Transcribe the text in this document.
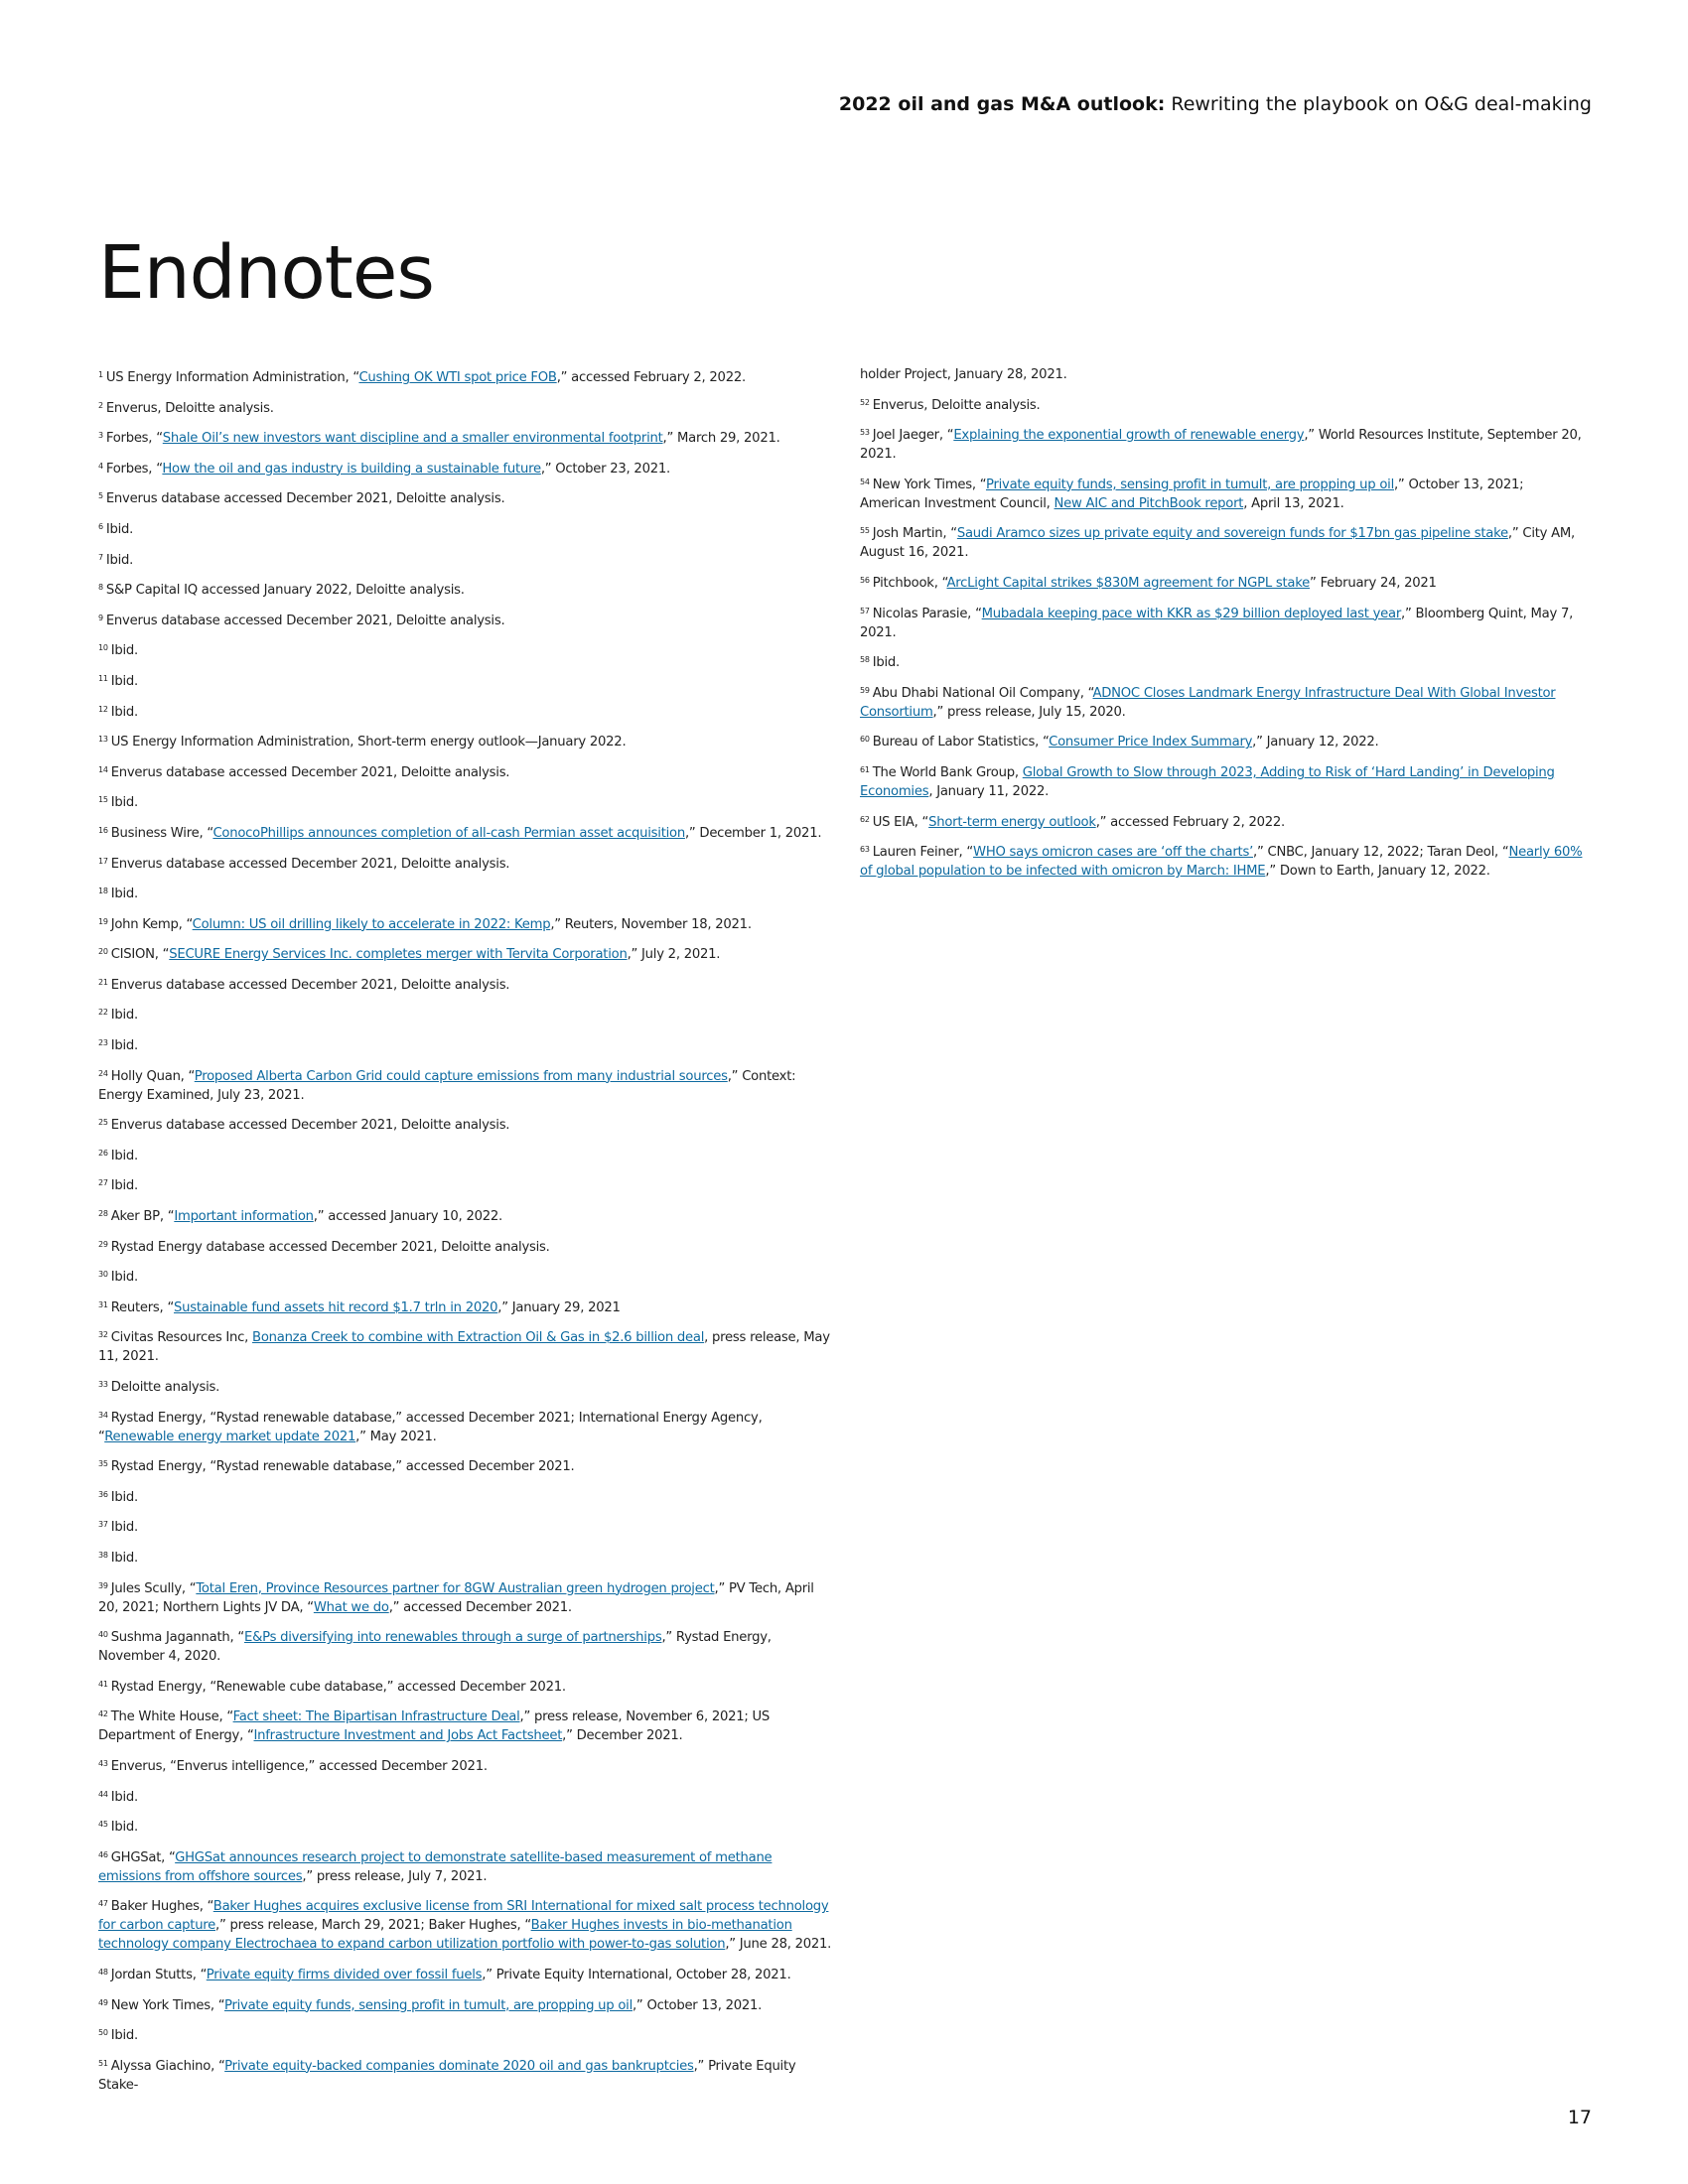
2022 oil and gas M&A outlook: Rewriting the playbook on O&G deal-making
Endnotes

$^1$ US Energy Information Administration, “Cushing OK WTI spot price FOB,” accessed February 2, 2022.

$^2$ Enverus, Deloitte analysis.

$^3$ Forbes, “Shale Oil’s new investors want discipline and a smaller environmental footprint,” March 29, 2021.

$^4$ Forbes, “How the oil and gas industry is building a sustainable future,” October 23, 2021.

$^5$ Enverus database accessed December 2021, Deloitte analysis.

$^6$ Ibid.

$^7$ Ibid.

$^8$ S&P Capital IQ accessed January 2022, Deloitte analysis.

$^9$ Enverus database accessed December 2021, Deloitte analysis.

$^{10}$ Ibid.

$^{11}$ Ibid.

$^{12}$ Ibid.

$^{13}$ US Energy Information Administration, Short-term energy outlook—January 2022.

$^{14}$ Enverus database accessed December 2021, Deloitte analysis.

$^{15}$ Ibid.

$^{16}$ Business Wire, “ConocoPhillips announces completion of all-cash Permian asset acquisition,” December 1, 2021.

$^{17}$ Enverus database accessed December 2021, Deloitte analysis.

$^{18}$ Ibid.

$^{19}$ John Kemp, “Column: US oil drilling likely to accelerate in 2022: Kemp,” Reuters, November 18, 2021.

$^{20}$ CISION, “SECURE Energy Services Inc. completes merger with Tervita Corporation,” July 2, 2021.

$^{21}$ Enverus database accessed December 2021, Deloitte analysis.

$^{22}$ Ibid.

$^{23}$ Ibid.

$^{24}$ Holly Quan, “Proposed Alberta Carbon Grid could capture emissions from many industrial sources,” Context: Energy Examined, July 23, 2021.

$^{25}$ Enverus database accessed December 2021, Deloitte analysis.

$^{26}$ Ibid.

$^{27}$ Ibid.

$^{28}$ Aker BP, “Important information,” accessed January 10, 2022.

$^{29}$ Rystad Energy database accessed December 2021, Deloitte analysis.

$^{30}$ Ibid.

$^{31}$ Reuters, “Sustainable fund assets hit record $1.7 trln in 2020,” January 29, 2021

$^{32}$ Civitas Resources Inc, Bonanza Creek to combine with Extraction Oil & Gas in $2.6 billion deal, press release, May 11, 2021.

$^{33}$ Deloitte analysis.

$^{34}$ Rystad Energy, “Rystad renewable database,” accessed December 2021; International Energy Agency, “Renewable energy market update 2021,” May 2021.

$^{35}$ Rystad Energy, “Rystad renewable database,” accessed December 2021.

$^{36}$ Ibid.

$^{37}$ Ibid.

$^{38}$ Ibid.

$^{39}$ Jules Scully, “Total Eren, Province Resources partner for 8GW Australian green hydrogen project,” PV Tech, April 20, 2021; Northern Lights JV DA, “What we do,” accessed December 2021.

$^{40}$ Sushma Jagannath, “E&Ps diversifying into renewables through a surge of partnerships,” Rystad Energy, November 4, 2020.

$^{41}$ Rystad Energy, “Renewable cube database,” accessed December 2021.

$^{42}$ The White House, “Fact sheet: The Bipartisan Infrastructure Deal,” press release, November 6, 2021; US Department of Energy, “Infrastructure Investment and Jobs Act Factsheet,” December 2021.

$^{43}$ Enverus, “Enverus intelligence,” accessed December 2021.

$^{44}$ Ibid.

$^{45}$ Ibid.

$^{46}$ GHGSat, “GHGSat announces research project to demonstrate satellite-based measurement of methane emissions from offshore sources,” press release, July 7, 2021.

$^{47}$ Baker Hughes, “Baker Hughes acquires exclusive license from SRI International for mixed salt process technology for carbon capture,” press release, March 29, 2021; Baker Hughes, “Baker Hughes invests in bio-methanation technology company Electrochaea to expand carbon utilization portfolio with power-to-gas solution,” June 28, 2021.

$^{48}$ Jordan Stutts, “Private equity firms divided over fossil fuels,” Private Equity International, October 28, 2021.

$^{49}$ New York Times, “Private equity funds, sensing profit in tumult, are propping up oil,” October 13, 2021.

$^{50}$ Ibid.

$^{51}$ Alyssa Giachino, “Private equity-backed companies dominate 2020 oil and gas bankruptcies,” Private Equity Stake-

holder Project, January 28, 2021.

$^{52}$ Enverus, Deloitte analysis.

$^{53}$ Joel Jaeger, “Explaining the exponential growth of renewable energy,” World Resources Institute, September 20, 2021.

$^{54}$ New York Times, “Private equity funds, sensing profit in tumult, are propping up oil,” October 13, 2021; American Investment Council, New AIC and PitchBook report, April 13, 2021.

$^{55}$ Josh Martin, “Saudi Aramco sizes up private equity and sovereign funds for $17bn gas pipeline stake,” City AM, August 16, 2021.

$^{56}$ Pitchbook, “ArcLight Capital strikes $830M agreement for NGPL stake” February 24, 2021

$^{57}$ Nicolas Parasie, “Mubadala keeping pace with KKR as $29 billion deployed last year,” Bloomberg Quint, May 7, 2021.

$^{58}$ Ibid.

$^{59}$ Abu Dhabi National Oil Company, “ADNOC Closes Landmark Energy Infrastructure Deal With Global Investor Consortium,” press release, July 15, 2020.

$^{60}$ Bureau of Labor Statistics, “Consumer Price Index Summary,” January 12, 2022.

$^{61}$ The World Bank Group, Global Growth to Slow through 2023, Adding to Risk of ‘Hard Landing’ in Developing Economies, January 11, 2022.

$^{62}$ US EIA, “Short-term energy outlook,” accessed February 2, 2022.

$^{63}$ Lauren Feiner, “WHO says omicron cases are ‘off the charts’,” CNBC, January 12, 2022; Taran Deol, “Nearly 60% of global population to be infected with omicron by March: IHME,” Down to Earth, January 12, 2022.

17
